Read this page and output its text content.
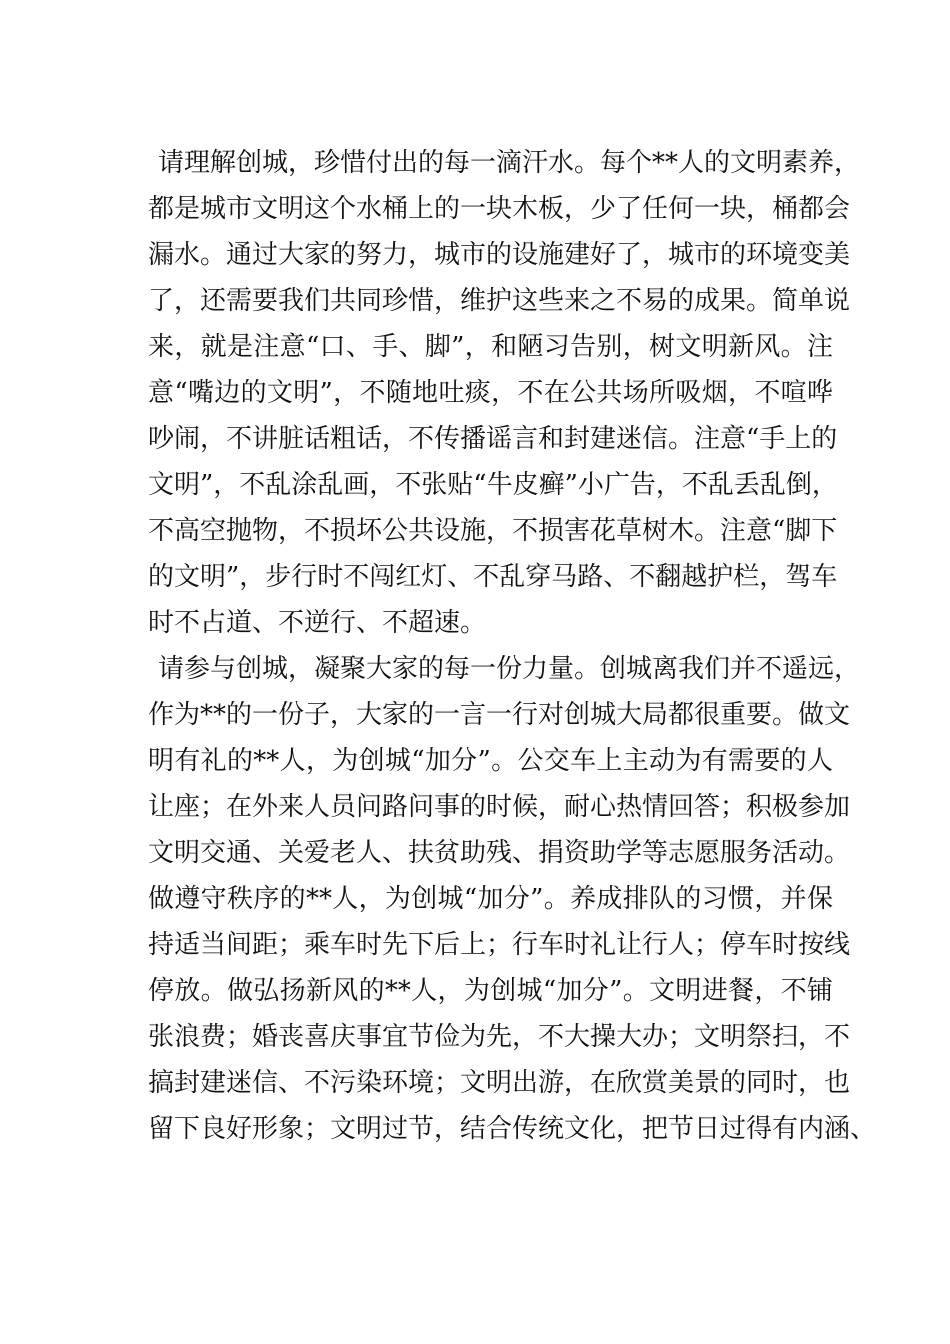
请理解创城，珍惜付出的每一滴汗水。每个**人的文明素养，
都是城市文明这个水桶上的一块木板，少了任何一块，桶都会
漏水。通过大家的努力，城市的设施建好了，城市的环境变美
了，还需要我们共同珍惜，维护这些来之不易的成果。简单说
来，就是注意“口、手、脚”，和陋习告别，树文明新风。注
意“嘴边的文明”，不随地吐痰，不在公共场所吸烟，不喧哗
吵闹，不讲脏话粗话，不传播谣言和封建迷信。注意“手上的
文明”，不乱涂乱画，不张贴“牛皮癣”小广告，不乱丢乱倒，
不高空抛物，不损坏公共设施，不损害花草树木。注意“脚下
的文明”，步行时不闯红灯、不乱穿马路、不翻越护栏，驾车
时不占道、不逆行、不超速。
请参与创城，凝聚大家的每一份力量。创城离我们并不遥远，
作为**的一份子，大家的一言一行对创城大局都很重要。做文
明有礼的**人，为创城“加分”。公交车上主动为有需要的人
让座；在外来人员问路问事的时候，耐心热情回答；积极参加
文明交通、关爱老人、扶贫助残、捐资助学等志愿服务活动。
做遵守秩序的**人，为创城“加分”。养成排队的习惯，并保
持适当间距；乘车时先下后上；行车时礼让行人；停车时按线
停放。做弘扬新风的**人，为创城“加分”。文明进餐，不铺
张浪费；婚丧喜庆事宜节俭为先，不大操大办；文明祭扫，不
搞封建迷信、不污染环境；文明出游，在欣赏美景的同时，也
留下良好形象；文明过节，结合传统文化，把节日过得有内涵、
